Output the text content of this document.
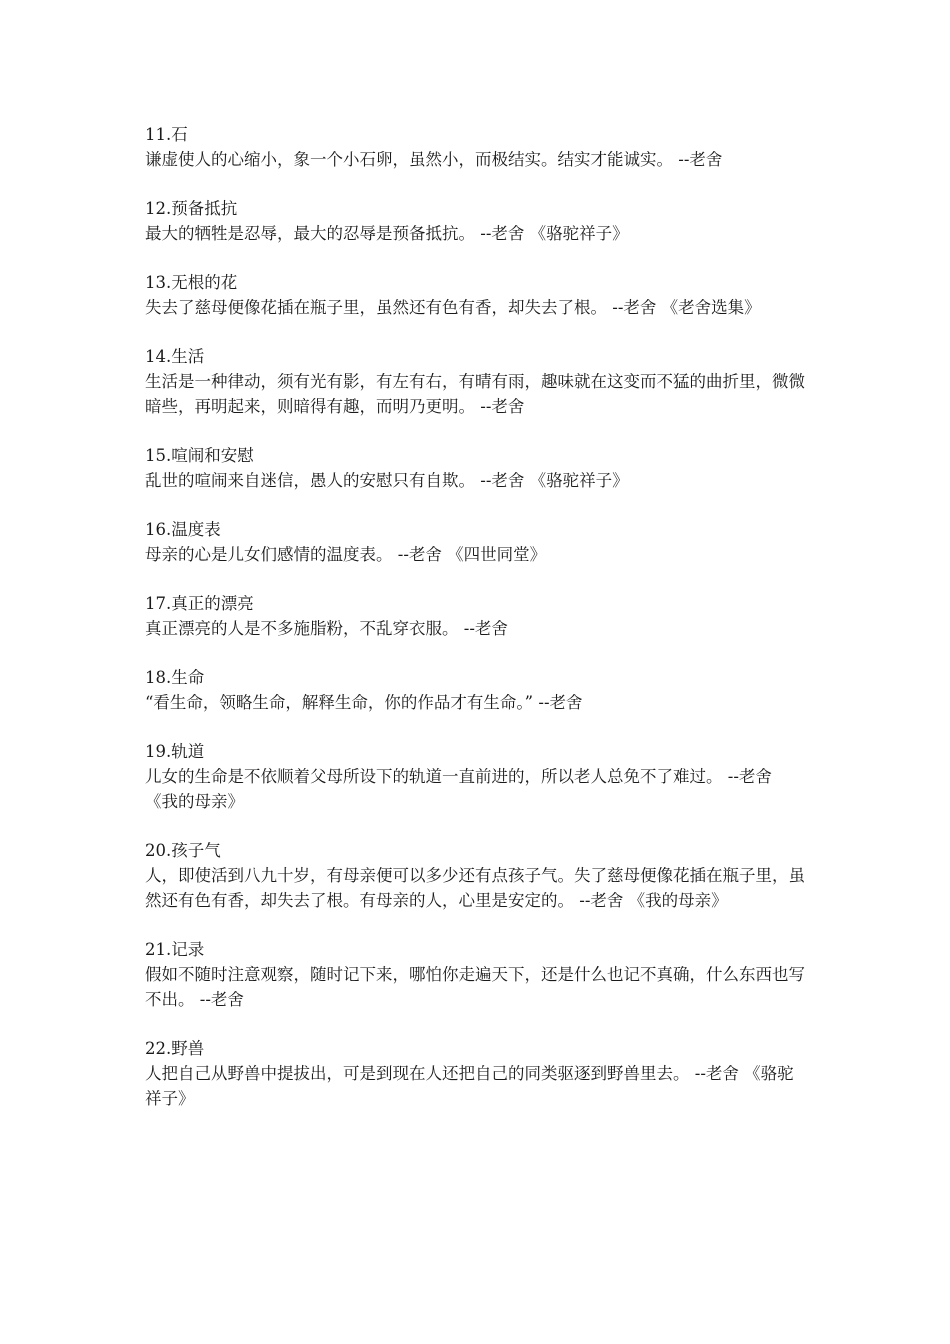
11.石

谦虚使人的心缩小，象一个小石卵，虽然小，而极结实。结实才能诚实。 --老舍

12.预备抵抗

最大的牺牲是忍辱，最大的忍辱是预备抵抗。 --老舍 《骆驼祥子》

13.无根的花

失去了慈母便像花插在瓶子里，虽然还有色有香，却失去了根。 --老舍 《老舍选集》

14.生活

生活是一种律动，须有光有影，有左有右，有晴有雨，趣味就在这变而不猛的曲折里，微微暗些，再明起来，则暗得有趣，而明乃更明。 --老舍

15.喧闹和安慰

乱世的喧闹来自迷信，愚人的安慰只有自欺。 --老舍 《骆驼祥子》

16.温度表

母亲的心是儿女们感情的温度表。 --老舍 《四世同堂》

17.真正的漂亮

真正漂亮的人是不多施脂粉，不乱穿衣服。 --老舍

18.生命

“看生命，领略生命，解释生命，你的作品才有生命。” --老舍

19.轨道

儿女的生命是不依顺着父母所设下的轨道一直前进的，所以老人总免不了难过。 --老舍 《我的母亲》

20.孩子气

人，即使活到八九十岁，有母亲便可以多少还有点孩子气。失了慈母便像花插在瓶子里，虽然还有色有香，却失去了根。有母亲的人，心里是安定的。 --老舍 《我的母亲》

21.记录

假如不随时注意观察，随时记下来，哪怕你走遍天下，还是什么也记不真确，什么东西也写不出。 --老舍

22.野兽

人把自己从野兽中提拔出，可是到现在人还把自己的同类驱逐到野兽里去。 --老舍 《骆驼祥子》
